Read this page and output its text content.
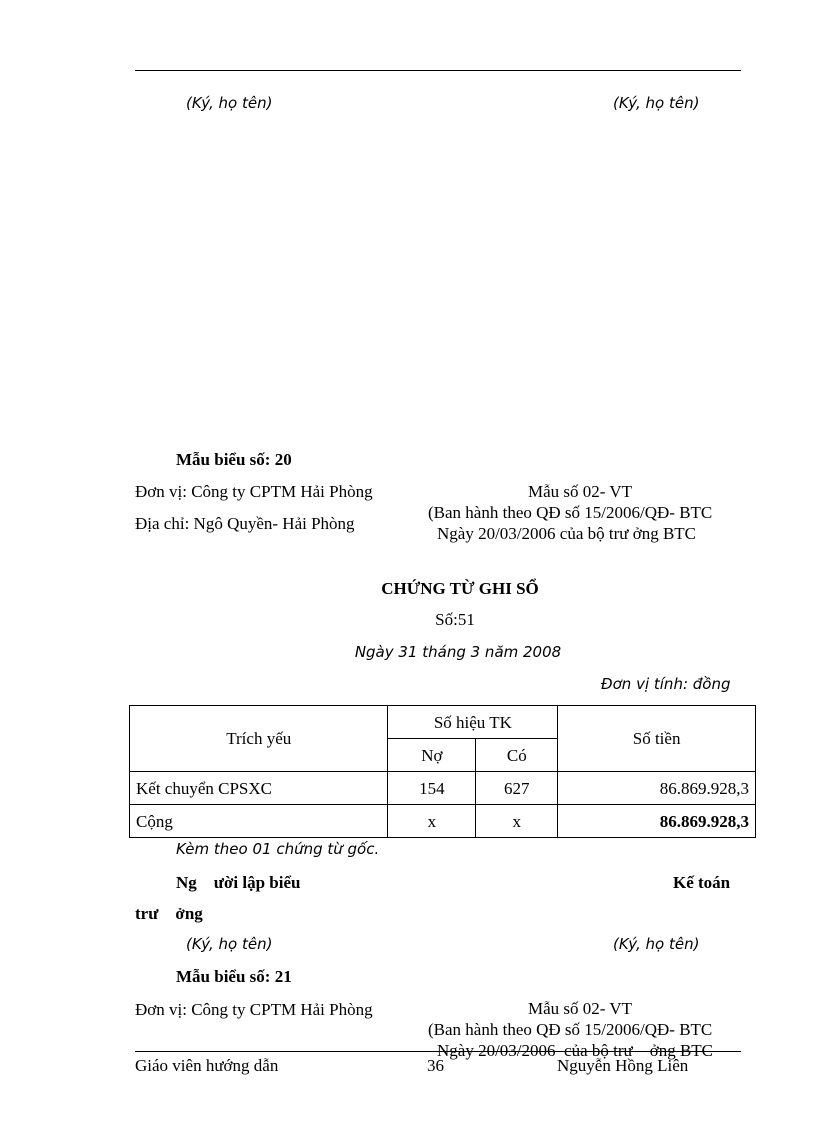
(Ký, họ tên)	(Ký, họ tên)
Mẫu biểu số: 20
Đơn vị: Công ty CPTM Hải Phòng
Địa chỉ: Ngô Quyền- Hải Phòng
Mẫu số 02- VT
(Ban hành theo QĐ số 15/2006/QĐ- BTC
Ngày 20/03/2006 của bộ trư ởng BTC
CHỨNG TỪ GHI SỔ
Số:51
Ngày 31 tháng 3 năm 2008
Đơn vị tính: đồng
Trích yếu	Số hiệu TK		Số tiền
	Nợ	Có	
Kết chuyển CPSXC	154	627	86.869.928,3
Cộng	x	x	86.869.928,3
Kèm theo 01 chứng từ gốc.
Ng    ười lập biểu	Kế toán
trư    ởng
(Ký, họ tên)	(Ký, họ tên)
Mẫu biểu số: 21
Đơn vị: Công ty CPTM Hải Phòng	Mẫu số 02- VT
(Ban hành theo QĐ số 15/2006/QĐ- BTC
Ngày 20/03/2006  của bộ trư    ởng BTC
Giáo viên hướng dẫn	36	Nguyễn Hồng Liên
